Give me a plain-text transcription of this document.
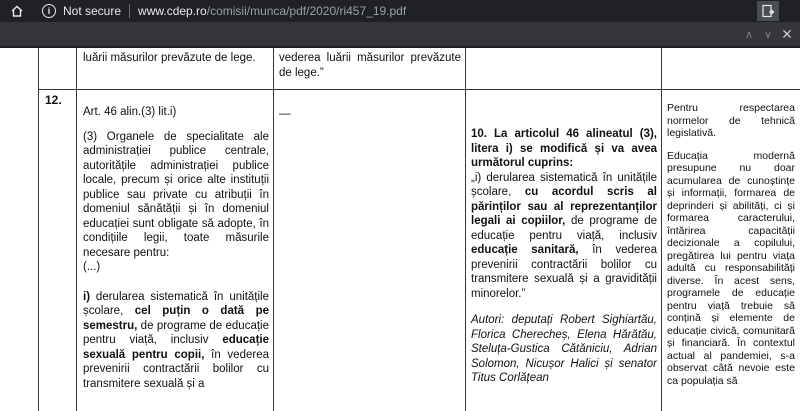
i	Not secure www.cdep.ro/comisii/munca/pdf/2020/ri457_19.pdf
∧ ∨ ✕
luării măsurilor prevăzute de lege.	vederea luării măsurilor prevăzute de lege.”
12.

Art. 46 alin.(3) lit.i)

(3) Organele de specialitate ale administrației publice centrale, autoritățile administrației publice locale, precum și orice alte instituții publice sau private cu atribuții în domeniul sănătății și în domeniul educației sunt obligate să adopte, în condițiile legii, toate măsurile necesare pentru:

(...)

i) derularea sistematică în unitățile școlare, cel puțin o dată pe semestru, de programe de educație pentru viață, inclusiv educație sexuală pentru copii, în vederea prevenirii contractării bolilor cu transmitere sexuală și a

—

10. La articolul 46 alineatul (3), litera i) se modifică și va avea următorul cuprins:

„i) derularea sistematică în unitățile școlare, cu acordul scris al părinților sau al reprezentanților legali ai copiilor, de programe de educație pentru viață, inclusiv educație sanitară, în vederea prevenirii contractării bolilor cu transmitere sexuală și a gravidității minorelor.”

Autori: deputați Robert Sighiartău, Florica Cherecheș, Elena Hărătău, Steluța-Gustica Cătăniciu, Adrian Solomon, Nicușor Halici și senator Titus Corlățean

Pentru respectarea normelor de tehnică legislativă.

Educația modernă presupune nu doar acumularea de cunoștințe și informații, formarea de deprinderi și abilități, ci și formarea caracterului, întărirea capacității decizionale a copilului, pregătirea lui pentru viața adultă cu responsabilități diverse. În acest sens, programele de educație pentru viață trebuie să conțină și elemente de educație civică, comunitară și financiară. În contextul actual al pandemiei, s-a observat câtă nevoie este ca populația să
